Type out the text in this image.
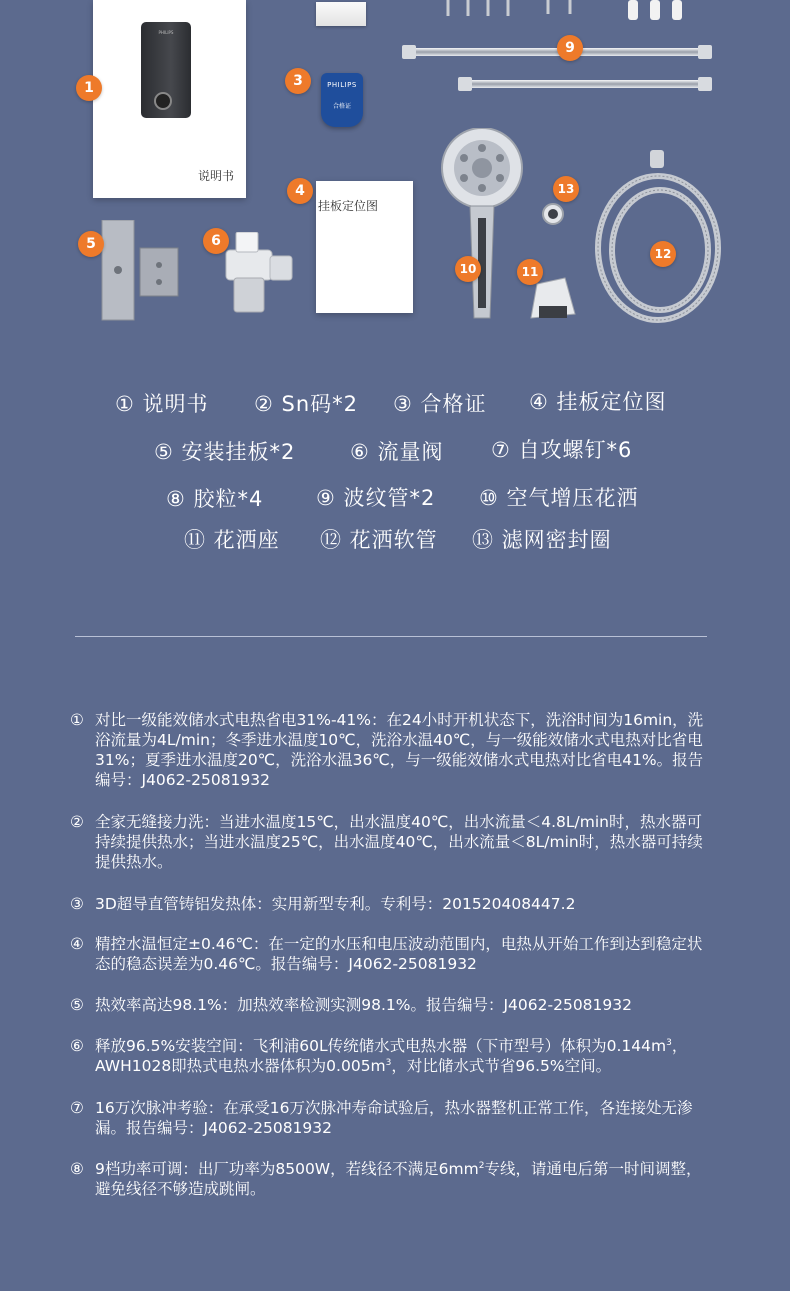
PHILIPS
说明书
1	PHILIPS
合格证
3
挂板定位图
4
9
5	6
10
13
11
12
① 说明书 ② Sn码*2 ③ 合格证 ④ 挂板定位图
⑤ 安装挂板*2	⑥ 流量阀 ⑦ 自攻螺钉*6
⑧ 胶粒*4	⑨ 波纹管*2 ⑩ 空气增压花洒
⑪ 花洒座 ⑫ 花洒软管 ⑬ 滤网密封圈
① 对比一级能效储水式电热省电31%-41%：在24小时开机状态下，洗浴时间为16min，洗浴流量为4L/min；冬季进水温度10℃，洗浴水温40℃，与一级能效储水式电热对比省电31%；夏季进水温度20℃，洗浴水温36℃，与一级能效储水式电热对比省电41%。报告编号：J4062-25081932
② 全家无缝接力洗：当进水温度15℃，出水温度40℃，出水流量＜4.8L/min时，热水器可持续提供热水；当进水温度25℃，出水温度40℃，出水流量＜8L/min时，热水器可持续提供热水。
③ 3D超导直管铸铝发热体：实用新型专利。专利号：201520408447.2
④ 精控水温恒定±0.46℃：在一定的水压和电压波动范围内，电热从开始工作到达到稳定状态的稳态误差为0.46℃。报告编号：J4062-25081932
⑤ 热效率高达98.1%：加热效率检测实测98.1%。报告编号：J4062-25081932
⑥ 释放96.5%安装空间：飞利浦60L传统储水式电热水器（下市型号）体积为$0.144m^3$，AWH1028即热式电热水器体积为$0.005m^3$，对比储水式节省96.5%空间。
⑦ 16万次脉冲考验：在承受16万次脉冲寿命试验后，热水器整机正常工作，各连接处无渗漏。报告编号：J4062-25081932
⑧ 9档功率可调：出厂功率为8500W，若线径不满足$6mm^2$专线，请通电后第一时间调整，避免线径不够造成跳闸。
